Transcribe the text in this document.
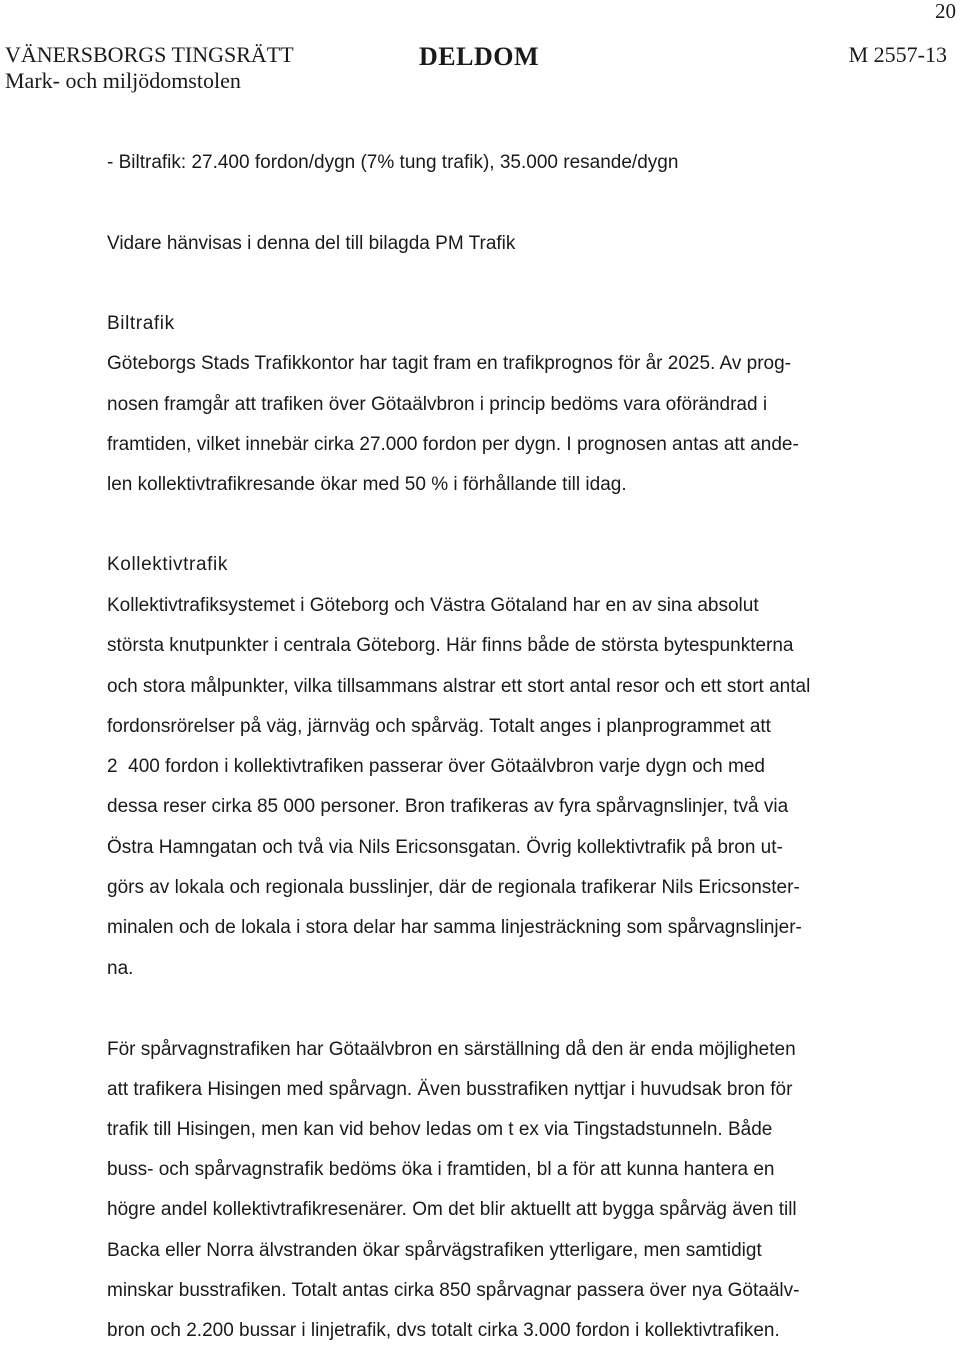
20
VÄNERSBORGS TINGSRÄTT
Mark- och miljödomstolen
DELDOM	M 2557-13
- Biltrafik: 27.400 fordon/dygn (7% tung trafik), 35.000 resande/dygn
Vidare hänvisas i denna del till bilagda PM Trafik
Biltrafik
Göteborgs Stads Trafikkontor har tagit fram en trafikprognos för år 2025. Av prog-
nosen framgår att trafiken över Götaälvbron i princip bedöms vara oförändrad i
framtiden, vilket innebär cirka 27.000 fordon per dygn. I prognosen antas att ande-
len kollektivtrafikresande ökar med 50 % i förhållande till idag.
Kollektivtrafik
Kollektivtrafiksystemet i Göteborg och Västra Götaland har en av sina absolut
största knutpunkter i centrala Göteborg. Här finns både de största bytespunkterna
och stora målpunkter, vilka tillsammans alstrar ett stort antal resor och ett stort antal
fordonsrörelser på väg, järnväg och spårväg. Totalt anges i planprogrammet att
2  400 fordon i kollektivtrafiken passerar över Götaälvbron varje dygn och med
dessa reser cirka 85 000 personer. Bron trafikeras av fyra spårvagnslinjer, två via
Östra Hamngatan och två via Nils Ericsonsgatan. Övrig kollektivtrafik på bron ut-
görs av lokala och regionala busslinjer, där de regionala trafikerar Nils Ericsonster-
minalen och de lokala i stora delar har samma linjesträckning som spårvagnslinjer-
na.
För spårvagnstrafiken har Götaälvbron en särställning då den är enda möjligheten
att trafikera Hisingen med spårvagn. Även busstrafiken nyttjar i huvudsak bron för
trafik till Hisingen, men kan vid behov ledas om t ex via Tingstadstunneln. Både
buss- och spårvagnstrafik bedöms öka i framtiden, bl a för att kunna hantera en
högre andel kollektivtrafikresenärer. Om det blir aktuellt att bygga spårväg även till
Backa eller Norra älvstranden ökar spårvägstrafiken ytterligare, men samtidigt
minskar busstrafiken. Totalt antas cirka 850 spårvagnar passera över nya Götaälv-
bron och 2.200 bussar i linjetrafik, dvs totalt cirka 3.000 fordon i kollektivtrafiken.
